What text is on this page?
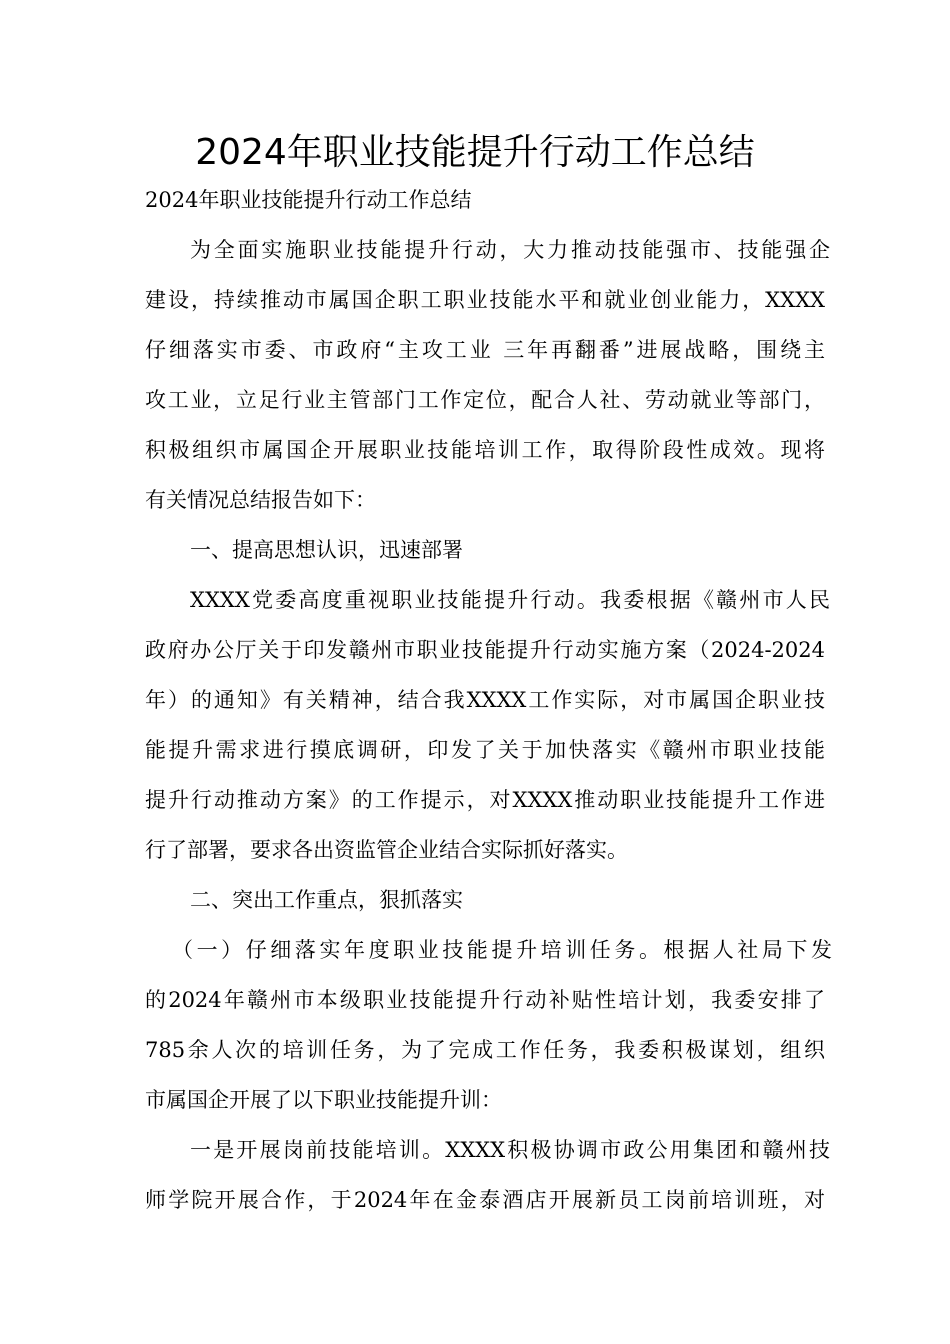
2024年职业技能提升行动工作总结

2024年职业技能提升行动工作总结

为全面实施职业技能提升行动，大力推动技能强市、技能强企

建设，持续推动市属国企职工职业技能水平和就业创业能力，XXXX

仔细落实市委、市政府“主攻工业 三年再翻番”进展战略，围绕主

攻工业，立足行业主管部门工作定位，配合人社、劳动就业等部门，

积极组织市属国企开展职业技能培训工作，取得阶段性成效。现将

有关情况总结报告如下：

一、提高思想认识，迅速部署

XXXX党委高度重视职业技能提升行动。我委根据《赣州市人民

政府办公厅关于印发赣州市职业技能提升行动实施方案（2024-2024

年）的通知》有关精神，结合我XXXX工作实际，对市属国企职业技

能提升需求进行摸底调研，印发了关于加快落实《赣州市职业技能

提升行动推动方案》的工作提示，对XXXX推动职业技能提升工作进

行了部署，要求各出资监管企业结合实际抓好落实。

二、突出工作重点，狠抓落实

（一）仔细落实年度职业技能提升培训任务。根据人社局下发

的2024年赣州市本级职业技能提升行动补贴性培计划，我委安排了

785余人次的培训任务，为了完成工作任务，我委积极谋划，组织

市属国企开展了以下职业技能提升训：

一是开展岗前技能培训。XXXX积极协调市政公用集团和赣州技

师学院开展合作，于2024年在金泰酒店开展新员工岗前培训班，对
